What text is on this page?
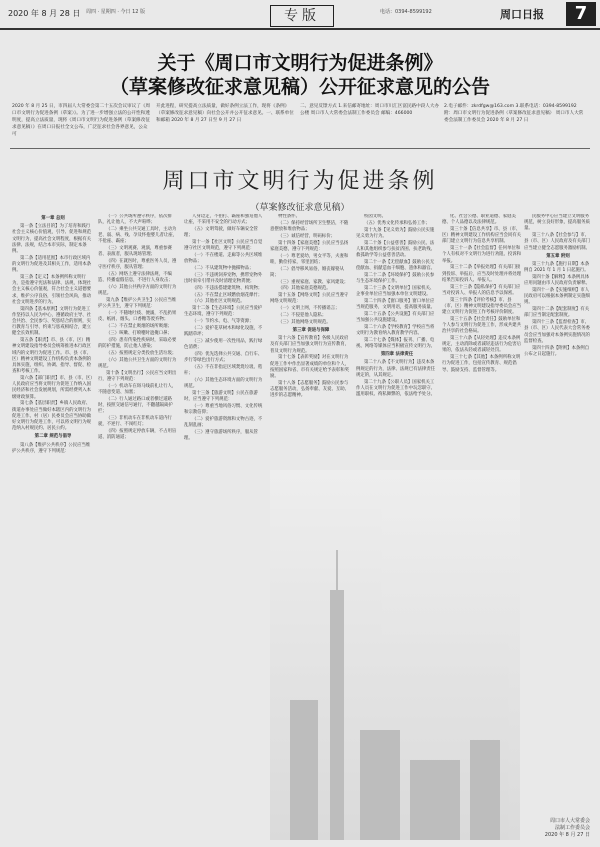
2020 年 8 月 28 日 周四 · 星期四 · 今日 12 版	专版	电话：0394-8599192	周口日报	7
关于《周口市文明行为促进条例》
（草案修改征求意见稿）公开征求意见的公告
2020 年 8 月 25 日，市四届人大常委会第二十五次会议审议了《周口市文明行为促进条例（草案）》。为了进一步增强立法的公开性和透明度，提高立法质量，现将《周口市文明行为促进条例（草案修改征求意见稿）》在周口日报社全文公布，广泛征求社会各界意见，公众可
开此进程，研究提高立法质量，做好条例立法工作，现将《条例》（草案修改征求意见稿）向社会公开并公开征求意见。一、联系单位和邮箱 2020 年 8 月 27 日至 9 月 27 日
二、意见反馈方式 1.来信邮寄地址：周口市川汇区富民路中段人大办公楼 周口市人大常委会法制工作委员会 邮编：466000
2.电子邮件：zkrdfgw@163.com 3.联系电话：0394-8599192 附：周口市文明行为促进条例（草案修改征求意见稿） 周口市人大常委会法制工作委员会 2020 年 8 月 27 日
周口市文明行为促进条例
（草案修改征求意见稿）

第一章 总则

第一条【立法目的】为了培育和践行社会主义核心价值观，引导、促进和规范文明行为，提高社会文明程度，根据有关法律、法规，结合本市实际，制定本条例。

第二条【适用范围】本市行政区域内的文明行为促进及其相关工作，适用本条例。

第三条【定义】本条例所称文明行为，是指遵守宪法和法律、法规，体现社会主义核心价值观，符合社会主义道德要求，维护公序良俗，引领社会风尚，推动社会文明进步的行为。

第四条【基本原则】文明行为促进工作坚持以人民为中心，遵循政府主导、社会共治、全民参与、奖惩结合的原则，实行教育与引导、约束与惩戒相结合，建立健全长效机制。

第五条【职责】市、县（市、区）精神文明建设指导委员会统筹推进本行政区域内的文明行为促进工作。市、县（市、区）精神文明建设工作机构负责本条例的具体实施，组织、协调、指导、督促、检查和考核工作。

第六条【部门职责】市、县（市、区）人民政府应当将文明行为促进工作纳入国民经济和社会发展规划，所需经费列入本级财政预算。

第七条【基层职责】乡镇人民政府、街道办事处应当做好本辖区内的文明行为促进工作。村（居）民委员会应当协助做好文明行为促进工作，可以将文明行为规范纳入村规民约、居民公约。

第二章 规范与倡导

第八条【维护公共秩序】公民应当维护公共秩序，遵守下列规范：

（一）公共场所遵守秩序，依次排队，礼让他人，不大声喧哗；

（二）乘坐公共交通工具时，主动为老、弱、病、残、孕及怀抱婴儿者让座，不抢座、霸座；

（三）文明观赛、观演，尊重参赛者、表演者，服从现场管理；

（四）在就医时，尊重医务人员，遵守医疗秩序，服从管理；

（五）网络上遵守法律法规，不编造、传播虚假信息，不进行人身攻击；

（六）其他公共秩序方面的文明行为规范。

第九条【维护公共卫生】公民应当维护公共卫生，遵守下列规范：

（一）不随地吐痰、便溺，不乱扔果皮、纸屑、烟头、口香糖等废弃物；

（二）不在禁止吸烟的场所吸烟；

（三）咳嗽、打喷嚏时遮掩口鼻；

（四）患有传染性疾病时，采取必要的防护措施，防止他人感染；

（五）按照规定分类投放生活垃圾；

（六）其他公共卫生方面的文明行为规范。

第十条【文明出行】公民应当文明出行，遵守下列规范：

（一）机动车在斑马线前礼让行人，不随意变道、加塞；

（二）行人通过路口或者横过道路时，按照交通信号通行，不翻越隔离护栏；

（三）非机动车在非机动车道内行驶，不逆行、不闯红灯；

（四）按照规定停放车辆，不占用盲道、消防通道；

人身边走，不拍打、霸座和强迫他人让座，不采用不安全的行动方式；

（五）文明驾驶，做好车辆安全管理；

第十一条【社区文明】公民应当自觉遵守社区文明规范，遵守下列规范：

（一）不在楼道、走廊等公共区域堆放物品；

（二）不从建筑物中抛掷物品；

（三）不违规饲养宠物，携带宠物外出时束牵引带并及时清理宠物粪便；

（四）不违法搭建建筑物、构筑物；

（五）不在禁止区域燃放烟花爆竹；

（六）其他社区文明规范。

第十二条【生态环境】公民应当爱护生态环境，遵守下列规范：

（一）节约水、电、气等资源；

（二）爱护花草树木和绿化设施，不践踏草坪；

（三）减少使用一次性用品，践行绿色消费；

（四）优先选择公共交通、自行车、步行等绿色出行方式；

（五）不在非指定区域焚烧垃圾、秸秆；

（六）其他生态环境方面的文明行为规范。

第十三条【旅游文明】公民在旅游时，应当遵守下列规范：

（一）尊重当地风俗习惯、文化传统和宗教信仰；

（二）爱护旅游资源和文物古迹，不乱刻乱画；

（三）遵守旅游场所秩序，服从管理。

物性条件。

（二）保持经营场所卫生整洁，不随意摆放和堆放物品；

（三）诚信经营，明码标价；

第十四条【家庭美德】公民应当弘扬家庭美德，遵守下列规范：

（一）尊老爱幼，男女平等，夫妻和睦，勤俭持家，邻里团结；

（二）倡导移风易俗，婚丧嫁娶从简；

（三）重视家庭、家教、家风建设；

（四）其他家庭美德规范。

第十五条【网络文明】公民应当遵守网络文明规范：

（一）文明上网，不传播谣言；

（二）不侵犯他人隐私；

（三）其他网络文明规范。

第三章 促进与保障

第十六条【宣传教育】各级人民政府及有关部门应当加强文明行为宣传教育，普及文明行为规范。

第十七条【表彰奖励】对在文明行为促进工作中作出显著成绩的单位和个人，按照国家和省、市有关规定给予表彰和奖励。

第十八条【志愿服务】鼓励公民参与志愿服务活动，弘扬奉献、友爱、互助、进步的志愿精神。

校园文明。

（五）优秀文化传承和弘扬工作；

第十九条【见义勇为】鼓励公民实施见义勇为行为。

第二十条【公益慈善】鼓励公民、法人和其他组织参与扶贫济困、扶老助残、救孤助学等公益慈善活动。

第二十一条【无偿献血】鼓励公民无偿献血、捐献造血干细胞、遗体和器官。

第二十二条【环境保护】鼓励公民参与生态环境保护工作。

第二十三条【文明单位】国家机关、企事业单位应当加强本单位文明建设。

第二十四条【窗口服务】窗口单位应当规范服务，文明用语，提高服务质量。

第二十五条【公共设施】有关部门应当加强公共设施建设。

第二十六条【学校教育】学校应当将文明行为教育纳入教育教学内容。

第二十七条【媒体】报刊、广播、电视、网络等媒体应当积极宣传文明行为。

第四章 法律责任

第二十八条【不文明行为】违反本条例规定的行为，法律、法规已有法律责任规定的，从其规定。

第二十九条【公职人员】国家机关工作人员在文明行为促进工作中玩忽职守、滥用职权、徇私舞弊的，依法给予处分。

化、社会公德、职业道德、家庭美德、个人品德以及法律规范。

第三十条【信息共享】市、县（市、区）精神文明建设工作机构应当会同有关部门建立文明行为信息共享机制。

第三十一条【社会监督】任何单位和个人有权对不文明行为进行劝阻、投诉和举报。

第三十二条【举报处理】有关部门接到投诉、举报后，应当及时处理并将处理结果告知投诉人、举报人。

第三十三条【隐私保护】有关部门应当对投诉人、举报人的信息予以保密。

第三十四条【评价考核】市、县（市、区）精神文明建设指导委员会应当建立文明行为促进工作考核评价制度。

第三十五条【社会责任】鼓励单位和个人参与文明行为促进工作，形成共建共治共享的社会格局。

第三十六条【从轻处理】违反本条例规定，主动消除或者减轻违法行为危害后果的，依法从轻或者减轻处罚。

第三十七条【其他】本条例所称文明行为促进工作，包括宣传教育、规范倡导、鼓励支持、监督管理等。

民服务中心应当建立文明服务规范，树立良好形象，提高服务质量。

第三十八条【社会参与】市、县（市、区）人民政府及有关部门应当建立健全志愿服务激励机制。

第五章 附则

第三十九条【施行日期】本条例自 2021 年 1 月 1 日起施行。

第四十条【解释】本条例具体应用问题由市人民政府负责解释。

第四十一条【实施细则】市人民政府可以根据本条例制定实施细则。

第四十二条【配套制度】有关部门应当制定配套制度。

第四十三条【监督检查】市、县（市、区）人民代表大会常务委员会应当加强对本条例实施情况的监督检查。

第四十四条【附则】本条例自公布之日起施行。

周口市人大常委会
法制工作委员会
2020 年 8 月 27 日
